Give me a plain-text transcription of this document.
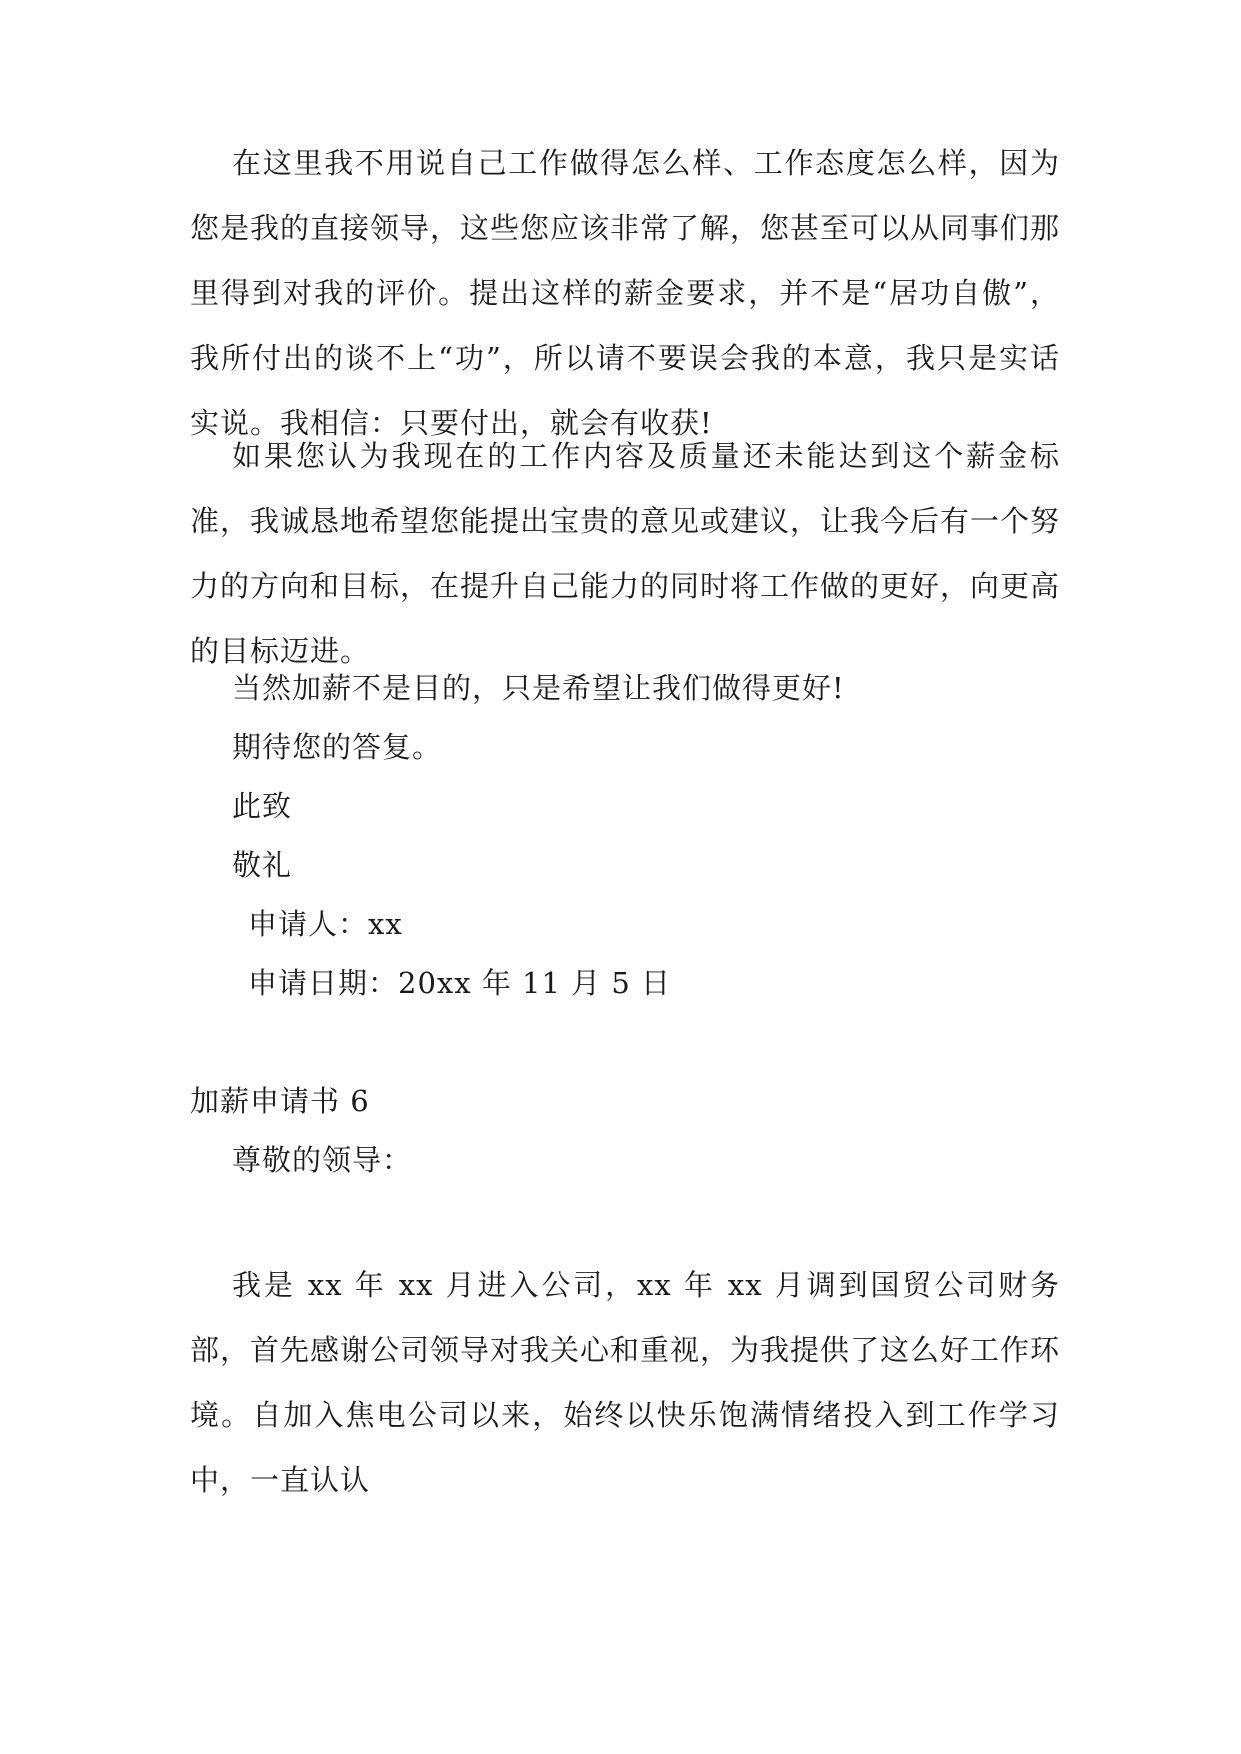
在这里我不用说自己工作做得怎么样、工作态度怎么样，因为您是我的直接领导，这些您应该非常了解，您甚至可以从同事们那里得到对我的评价。提出这样的薪金要求，并不是“居功自傲”，我所付出的谈不上“功”，所以请不要误会我的本意，我只是实话实说。我相信：只要付出，就会有收获!

如果您认为我现在的工作内容及质量还未能达到这个薪金标准，我诚恳地希望您能提出宝贵的意见或建议，让我今后有一个努力的方向和目标，在提升自己能力的同时将工作做的更好，向更高的目标迈进。

当然加薪不是目的，只是希望让我们做得更好!

期待您的答复。

此致

敬礼

申请人：xx

申请日期：20xx 年 11 月 5 日

加薪申请书 6

尊敬的领导：

我是 xx 年 xx 月进入公司，xx 年 xx 月调到国贸公司财务部，首先感谢公司领导对我关心和重视，为我提供了这么好工作环境。自加入焦电公司以来，始终以快乐饱满情绪投入到工作学习中，一直认认
